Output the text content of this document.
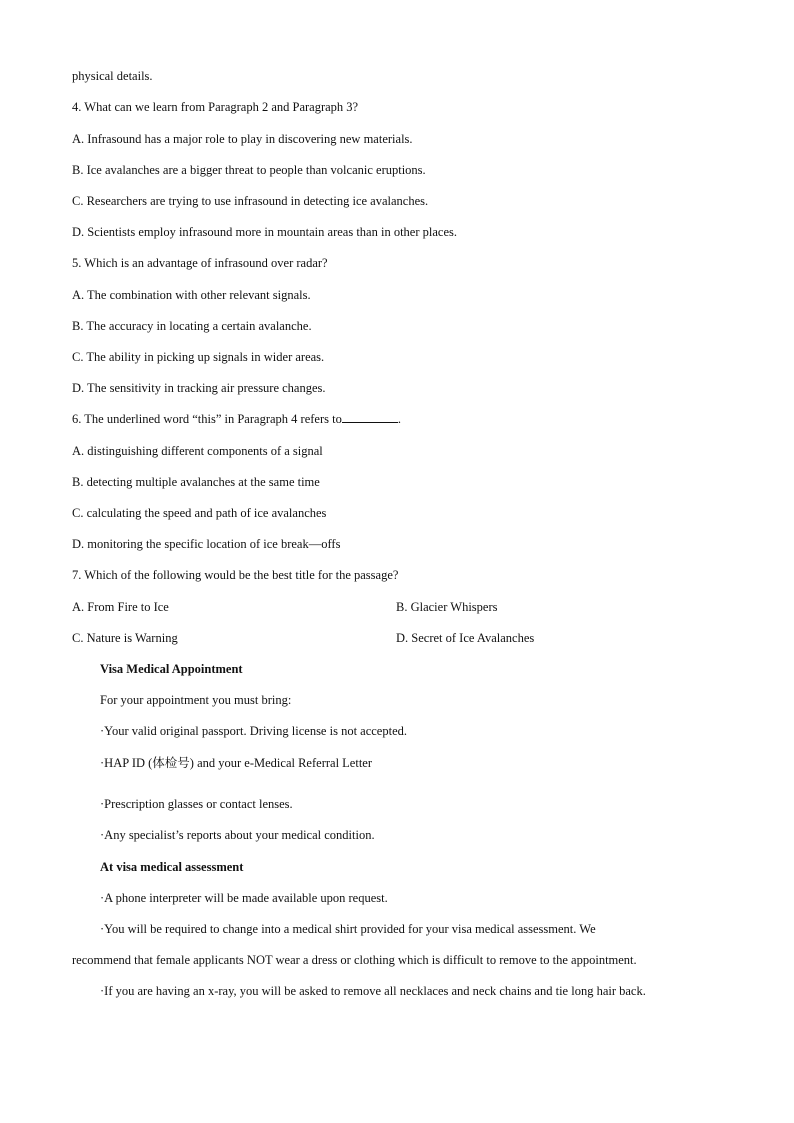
physical details.
4. What can we learn from Paragraph 2 and Paragraph 3?
A. Infrasound has a major role to play in discovering new materials.
B. Ice avalanches are a bigger threat to people than volcanic eruptions.
C. Researchers are trying to use infrasound in detecting ice avalanches.
D. Scientists employ infrasound more in mountain areas than in other places.
5. Which is an advantage of infrasound over radar?
A. The combination with other relevant signals.
B. The accuracy in locating a certain avalanche.
C. The ability in picking up signals in wider areas.
D. The sensitivity in tracking air pressure changes.
6. The underlined word “this” in Paragraph 4 refers to	.
A. distinguishing different components of a signal
B. detecting multiple avalanches at the same time
C. calculating the speed and path of ice avalanches
D. monitoring the specific location of ice break—offs
7. Which of the following would be the best title for the passage?
A. From Fire to Ice	B. Glacier Whispers
C. Nature is Warning	D. Secret of Ice Avalanches
Visa Medical Appointment
For your appointment you must bring:
·Your valid original passport. Driving license is not accepted.
·HAP ID (体检号) and your e-Medical Referral Letter
·Prescription glasses or contact lenses.
·Any specialist’s reports about your medical condition.
At visa medical assessment
·A phone interpreter will be made available upon request.
·You will be required to change into a medical shirt provided for your visa medical assessment. We
recommend that female applicants NOT wear a dress or clothing which is difficult to remove to the appointment.
·If you are having an x-ray, you will be asked to remove all necklaces and neck chains and tie long hair back.
